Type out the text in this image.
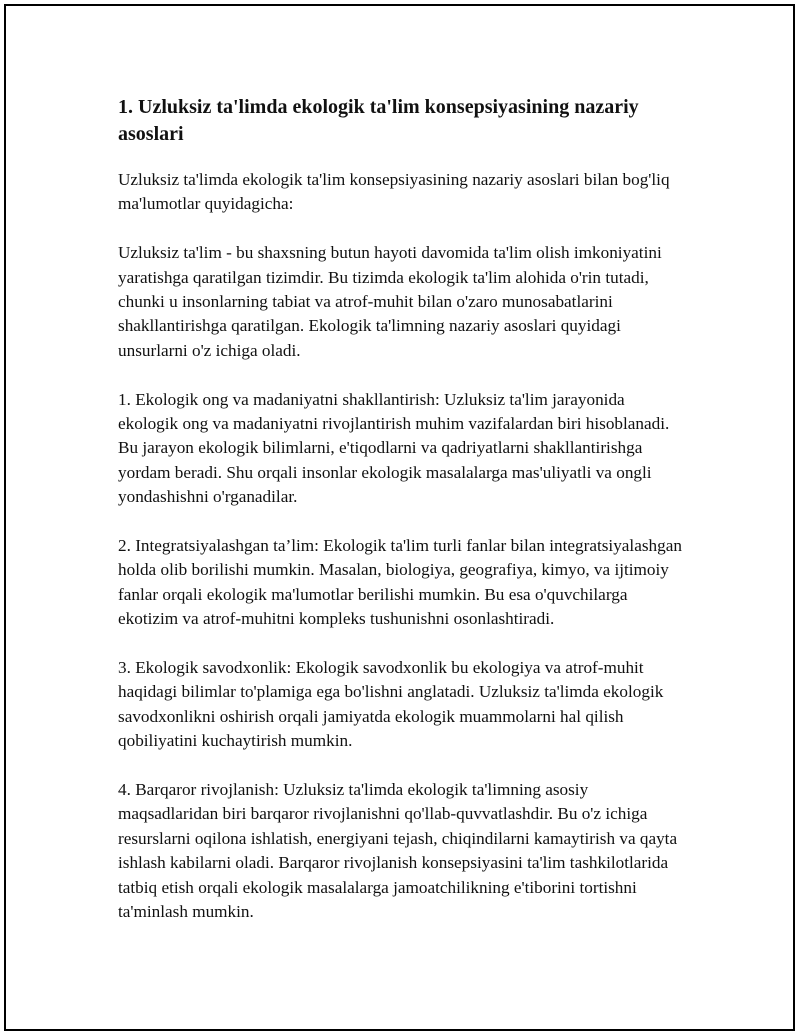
1. Uzluksiz ta'limda ekologik ta'lim konsepsiyasining nazariy asoslari

Uzluksiz ta'limda ekologik ta'lim konsepsiyasining nazariy asoslari bilan bog'liq ma'lumotlar quyidagicha:

Uzluksiz ta'lim - bu shaxsning butun hayoti davomida ta'lim olish imkoniyatini yaratishga qaratilgan tizimdir. Bu tizimda ekologik ta'lim alohida o'rin tutadi, chunki u insonlarning tabiat va atrof-muhit bilan o'zaro munosabatlarini shakllantirishga qaratilgan. Ekologik ta'limning nazariy asoslari quyidagi unsurlarni o'z ichiga oladi.

1. Ekologik ong va madaniyatni shakllantirish: Uzluksiz ta'lim jarayonida ekologik ong va madaniyatni rivojlantirish muhim vazifalardan biri hisoblanadi. Bu jarayon ekologik bilimlarni, e'tiqodlarni va qadriyatlarni shakllantirishga yordam beradi. Shu orqali insonlar ekologik masalalarga mas'uliyatli va ongli yondashishni o'rganadilar.

2. Integratsiyalashgan ta’lim: Ekologik ta'lim turli fanlar bilan integratsiyalashgan holda olib borilishi mumkin. Masalan, biologiya, geografiya, kimyo, va ijtimoiy fanlar orqali ekologik ma'lumotlar berilishi mumkin. Bu esa o'quvchilarga ekotizim va atrof-muhitni kompleks tushunishni osonlashtiradi.

3. Ekologik savodxonlik: Ekologik savodxonlik bu ekologiya va atrof-muhit haqidagi bilimlar to'plamiga ega bo'lishni anglatadi. Uzluksiz ta'limda ekologik savodxonlikni oshirish orqali jamiyatda ekologik muammolarni hal qilish qobiliyatini kuchaytirish mumkin.

4. Barqaror rivojlanish: Uzluksiz ta'limda ekologik ta'limning asosiy maqsadlaridan biri barqaror rivojlanishni qo'llab-quvvatlashdir. Bu o'z ichiga resurslarni oqilona ishlatish, energiyani tejash, chiqindilarni kamaytirish va qayta ishlash kabilarni oladi. Barqaror rivojlanish konsepsiyasini ta'lim tashkilotlarida tatbiq etish orqali ekologik masalalarga jamoatchilikning e'tiborini tortishni ta'minlash mumkin.
